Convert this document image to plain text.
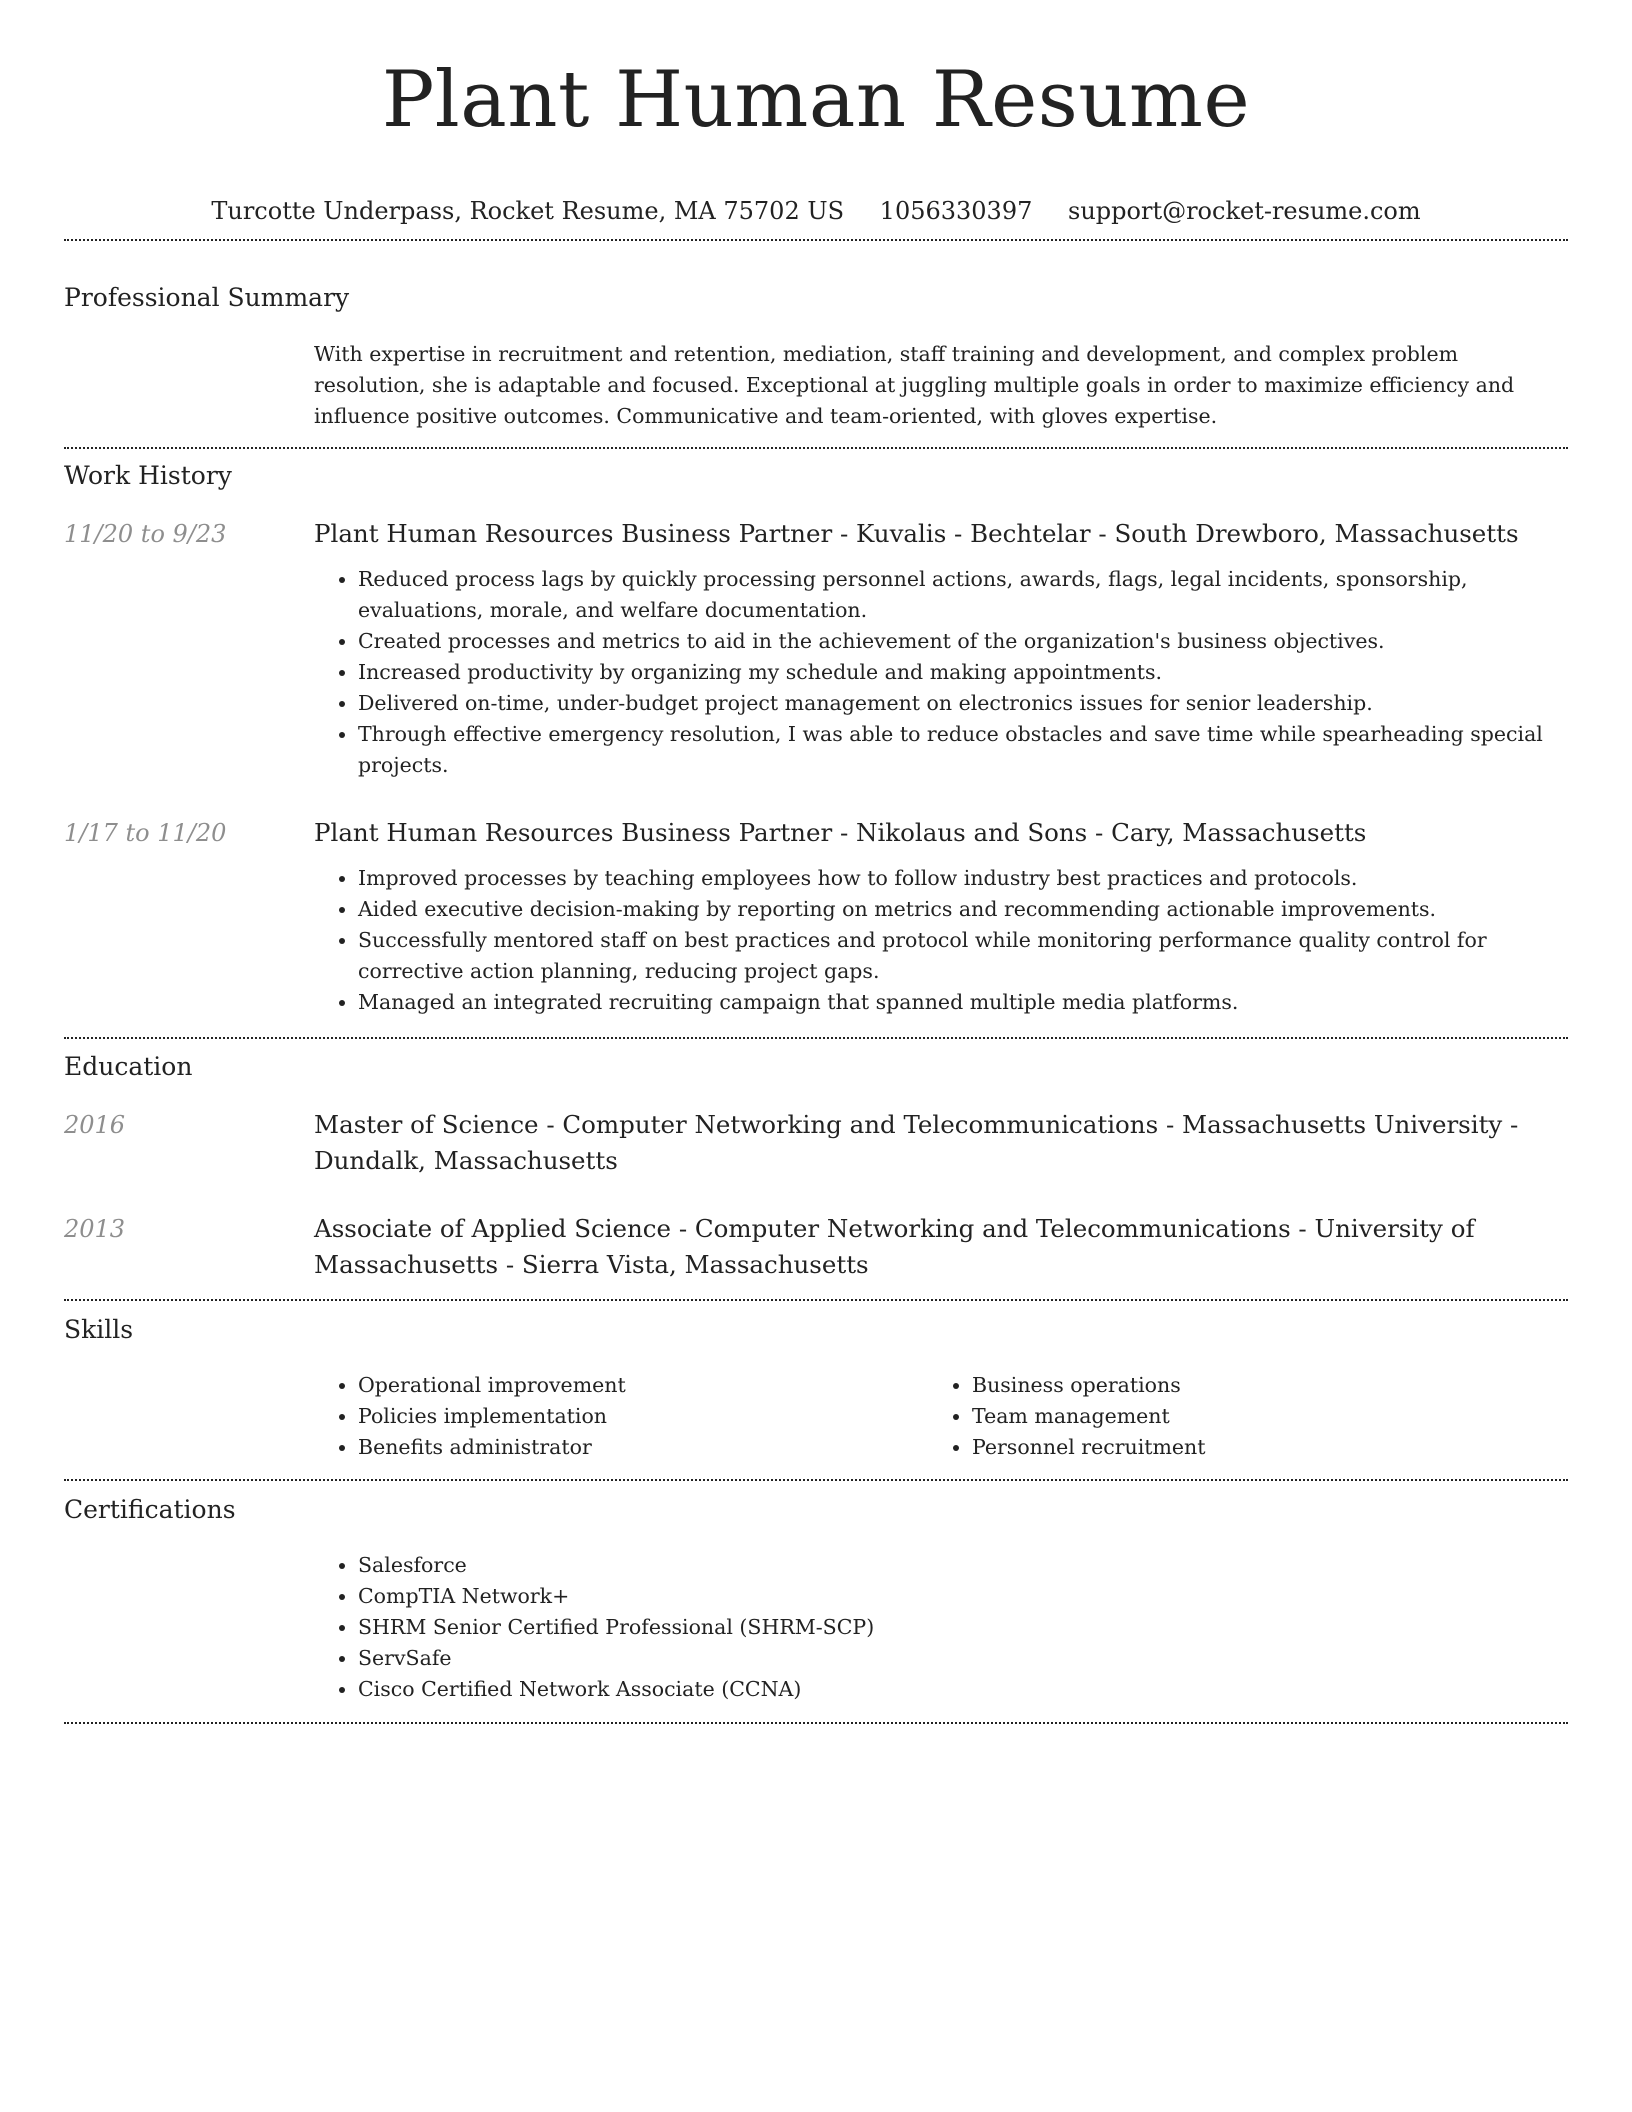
Plant Human Resume
Turcotte Underpass, Rocket Resume, MA 75702 US 1056330397 support@rocket-resume.com
Professional Summary

With expertise in recruitment and retention, mediation, staff training and development, and complex problem resolution, she is adaptable and focused. Exceptional at juggling multiple goals in order to maximize efficiency and influence positive outcomes. Communicative and team-oriented, with gloves expertise.

Work History
11/20 to 9/23	Plant Human Resources Business Partner - Kuvalis - Bechtelar - South Drewboro, Massachusetts
• Reduced process lags by quickly processing personnel actions, awards, flags, legal incidents, sponsorship, evaluations, morale, and welfare documentation.
• Created processes and metrics to aid in the achievement of the organization's business objectives.
• Increased productivity by organizing my schedule and making appointments.
• Delivered on-time, under-budget project management on electronics issues for senior leadership.
• Through effective emergency resolution, I was able to reduce obstacles and save time while spearheading special projects.
1/17 to 11/20	Plant Human Resources Business Partner - Nikolaus and Sons - Cary, Massachusetts
• Improved processes by teaching employees how to follow industry best practices and protocols.
• Aided executive decision-making by reporting on metrics and recommending actionable improvements.
• Successfully mentored staff on best practices and protocol while monitoring performance quality control for corrective action planning, reducing project gaps.
• Managed an integrated recruiting campaign that spanned multiple media platforms.
Education
2016	Master of Science - Computer Networking and Telecommunications - Massachusetts University - Dundalk, Massachusetts
2013	Associate of Applied Science - Computer Networking and Telecommunications - University of Massachusetts - Sierra Vista, Massachusetts
Skills
• Operational improvement
• Policies implementation
• Benefits administrator
• Business operations
• Team management
• Personnel recruitment
Certifications
• Salesforce
• CompTIA Network+
• SHRM Senior Certified Professional (SHRM-SCP)
• ServSafe
• Cisco Certified Network Associate (CCNA)
